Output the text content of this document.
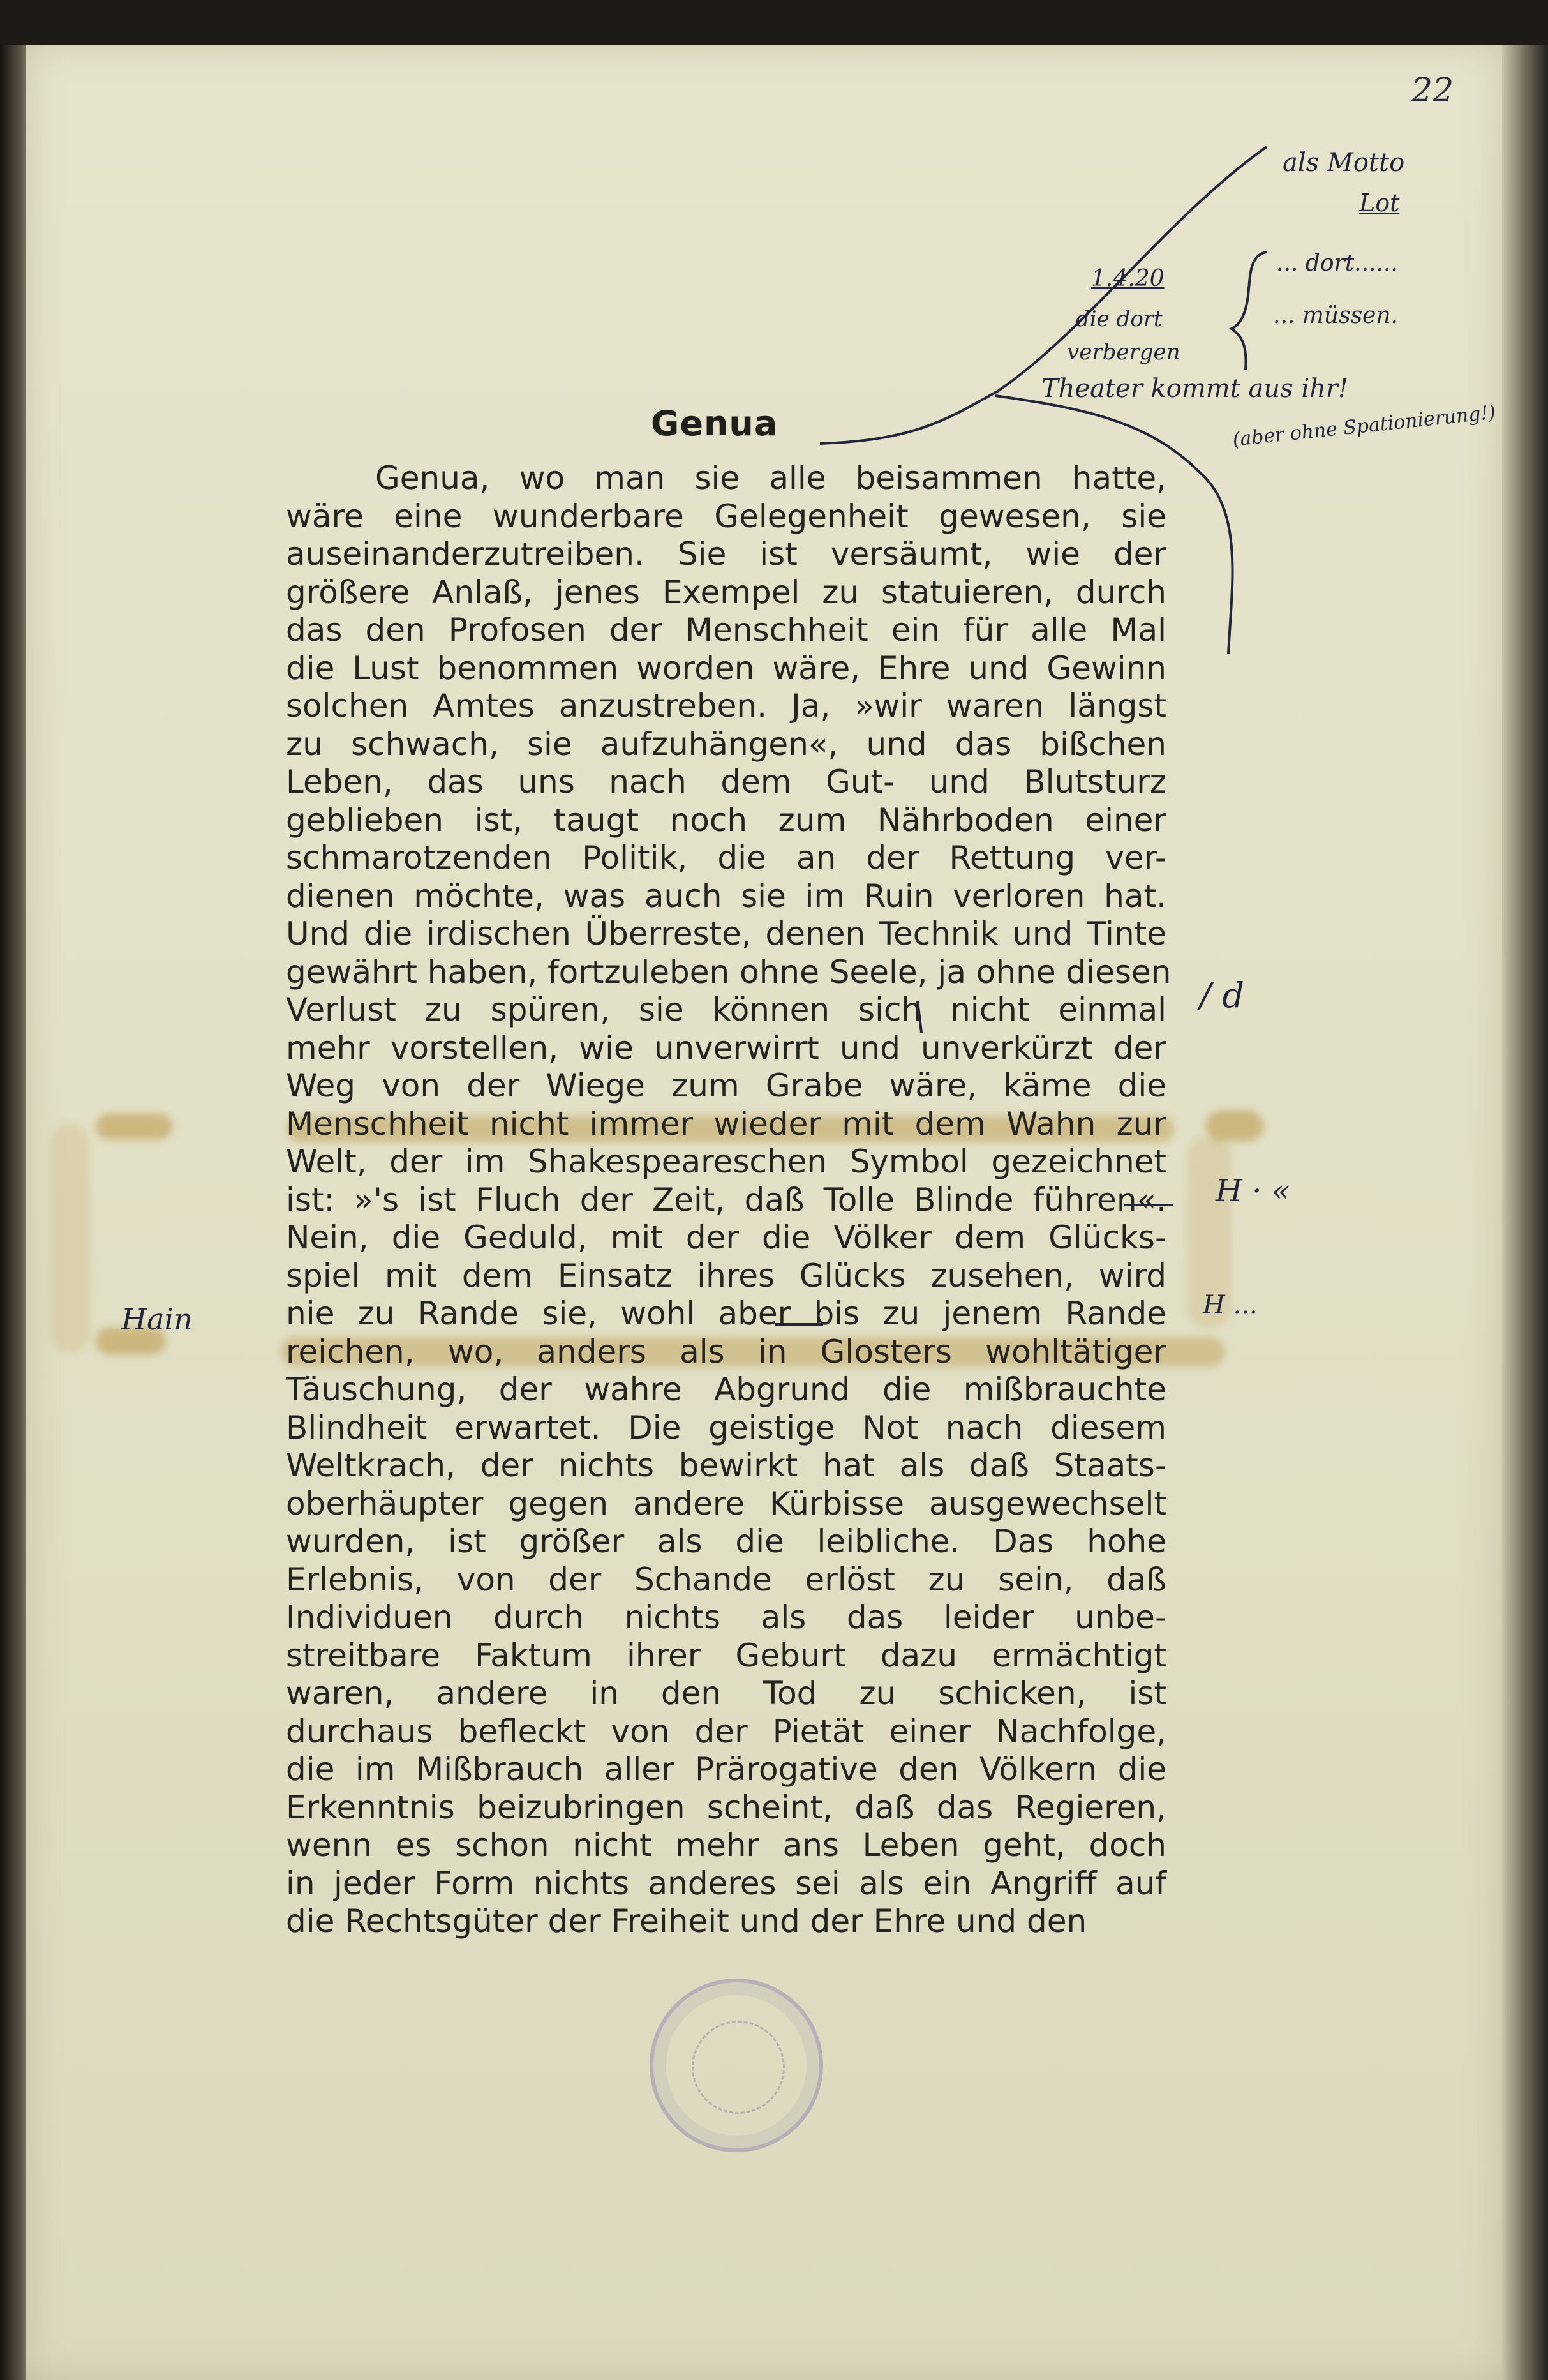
22
Genua
Genua, wo man sie alle beisammen hatte,
wäre eine wunderbare Gelegenheit gewesen, sie
auseinanderzutreiben. Sie ist versäumt, wie der
größere Anlaß, jenes Exempel zu statuieren, durch
das den Profosen der Menschheit ein für alle Mal
die Lust benommen worden wäre, Ehre und Gewinn
solchen Amtes anzustreben. Ja, »wir waren längst
zu schwach, sie aufzuhängen«, und das bißchen
Leben, das uns nach dem Gut- und Blutsturz
geblieben ist, taugt noch zum Nährboden einer
schmarotzenden Politik, die an der Rettung ver-
dienen möchte, was auch sie im Ruin verloren hat.
Und die irdischen Überreste, denen Technik und Tinte
gewährt haben, fortzuleben ohne Seele, ja ohne diesen
Verlust zu spüren, sie können sich nicht einmal
mehr vorstellen, wie unverwirrt und unverkürzt der
Weg von der Wiege zum Grabe wäre, käme die
Menschheit nicht immer wieder mit dem Wahn zur
Welt, der im Shakespeareschen Symbol gezeichnet
ist: »'s ist Fluch der Zeit, daß Tolle Blinde führen«.
Nein, die Geduld, mit der die Völker dem Glücks-
spiel mit dem Einsatz ihres Glücks zusehen, wird
nie zu Rande sie, wohl aber bis zu jenem Rande
reichen, wo, anders als in Glosters wohltätiger
Täuschung, der wahre Abgrund die mißbrauchte
Blindheit erwartet. Die geistige Not nach diesem
Weltkrach, der nichts bewirkt hat als daß Staats-
oberhäupter gegen andere Kürbisse ausgewechselt
wurden, ist größer als die leibliche. Das hohe
Erlebnis, von der Schande erlöst zu sein, daß
Individuen durch nichts als das leider unbe-
streitbare Faktum ihrer Geburt dazu ermächtigt
waren, andere in den Tod zu schicken, ist
durchaus befleckt von der Pietät einer Nachfolge,
die im Mißbrauch aller Prärogative den Völkern die
Erkenntnis beizubringen scheint, daß das Regieren,
wenn es schon nicht mehr ans Leben geht, doch
in jeder Form nichts anderes sei als ein Angriff auf
die Rechtsgüter der Freiheit und der Ehre und den
als Motto
Lot
... dort......
... müssen.
1.4.20
die dort
verbergen
Theater kommt aus ihr!
(aber ohne Spationierung!)
/ d
H · «
H ...
Hain
